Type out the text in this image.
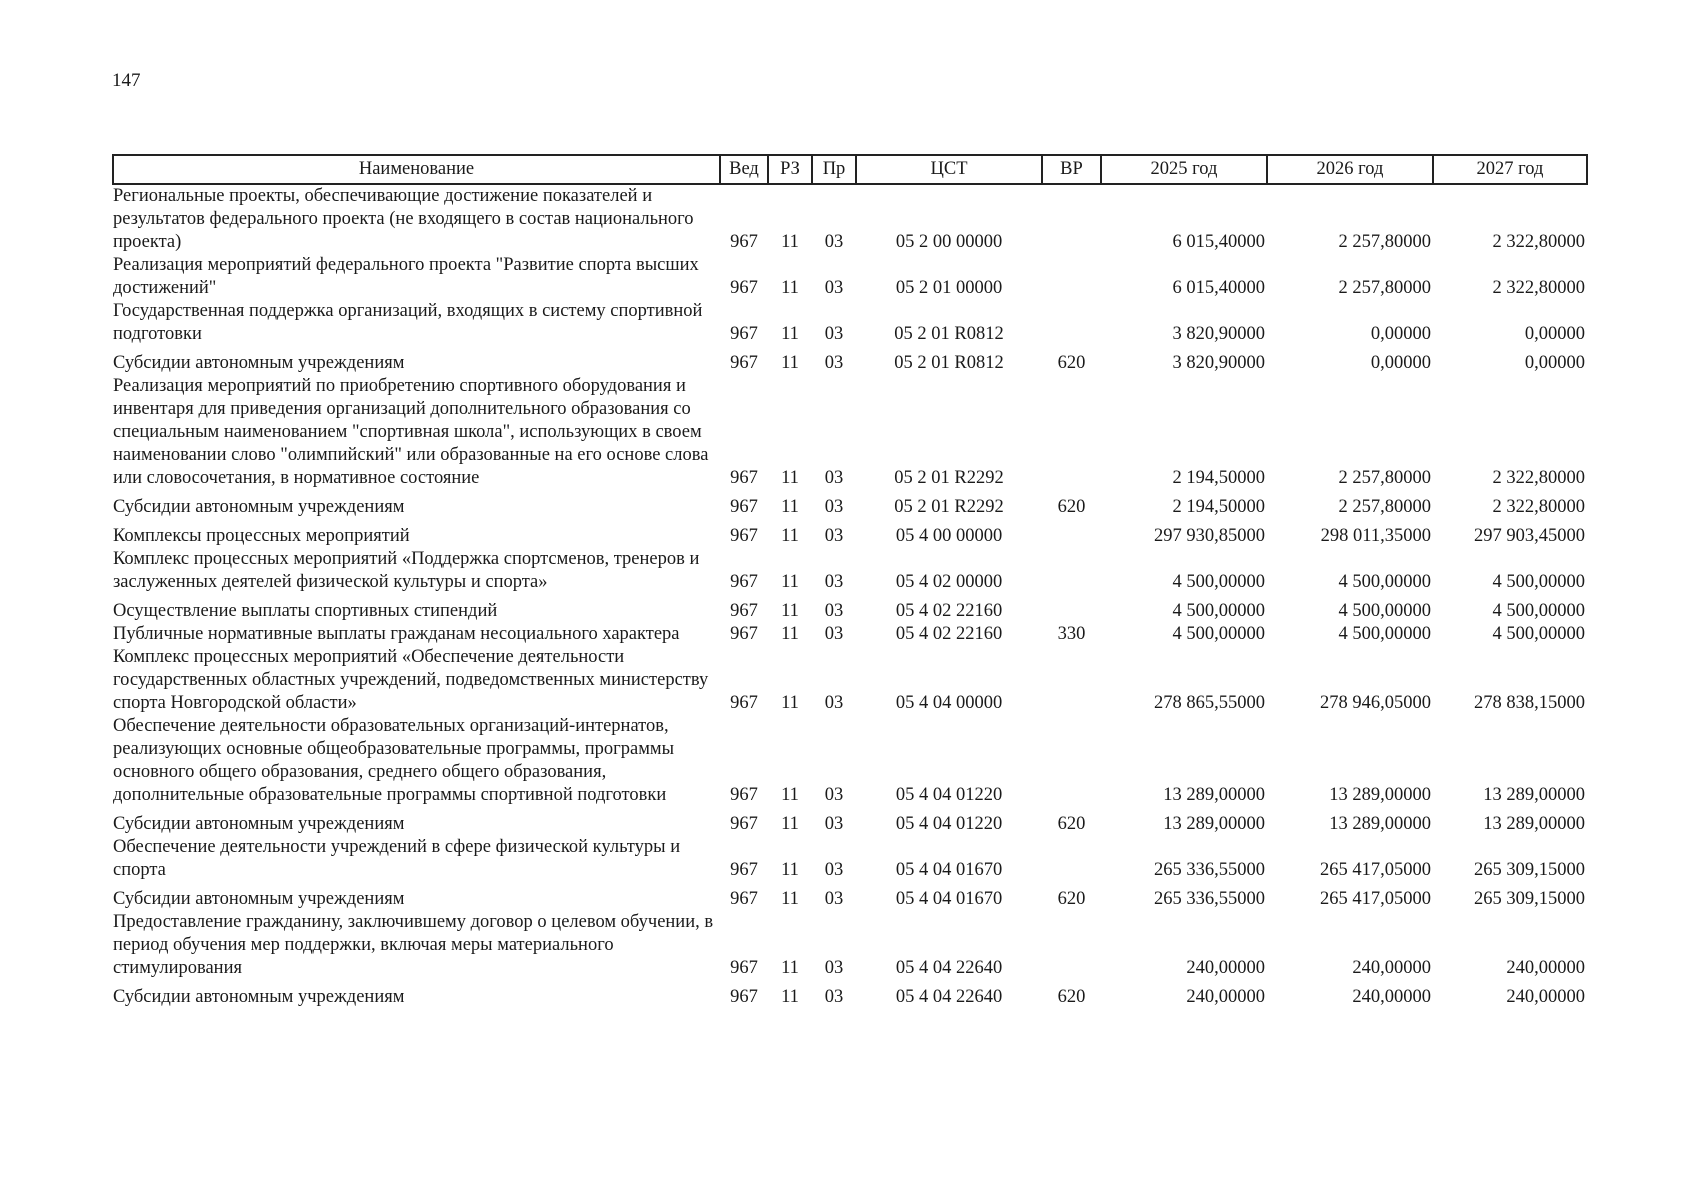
147
Наименование	Вед	РЗ	Пр	ЦСТ	ВР	2025 год	2026 год	2027 год
Региональные проекты, обеспечивающие достижение показателей и результатов федерального проекта (не входящего в состав национального проекта)	967	11	03	05 2 00 00000		6 015,40000	2 257,80000	2 322,80000
Реализация мероприятий федерального проекта "Развитие спорта высших достижений"	967	11	03	05 2 01 00000		6 015,40000	2 257,80000	2 322,80000
Государственная поддержка организаций, входящих в систему спортивной подготовки	967	11	03	05 2 01 R0812		3 820,90000	0,00000	0,00000
Субсидии автономным учреждениям	967	11	03	05 2 01 R0812	620	3 820,90000	0,00000	0,00000
Реализация мероприятий по приобретению спортивного оборудования и инвентаря для приведения организаций дополнительного образования со специальным наименованием "спортивная школа", использующих в своем наименовании слово "олимпийский" или образованные на его основе слова или словосочетания, в нормативное состояние	967	11	03	05 2 01 R2292		2 194,50000	2 257,80000	2 322,80000
Субсидии автономным учреждениям	967	11	03	05 2 01 R2292	620	2 194,50000	2 257,80000	2 322,80000
Комплексы процессных мероприятий	967	11	03	05 4 00 00000		297 930,85000	298 011,35000	297 903,45000
Комплекс процессных мероприятий «Поддержка спортсменов, тренеров и заслуженных деятелей физической культуры и спорта»	967	11	03	05 4 02 00000		4 500,00000	4 500,00000	4 500,00000
Осуществление выплаты спортивных стипендий	967	11	03	05 4 02 22160		4 500,00000	4 500,00000	4 500,00000
Публичные нормативные выплаты гражданам несоциального характера	967	11	03	05 4 02 22160	330	4 500,00000	4 500,00000	4 500,00000
Комплекс процессных мероприятий «Обеспечение деятельности государственных областных учреждений, подведомственных министерству спорта Новгородской области»	967	11	03	05 4 04 00000		278 865,55000	278 946,05000	278 838,15000
Обеспечение деятельности образовательных организаций-интернатов, реализующих основные общеобразовательные программы, программы основного общего образования, среднего общего образования, дополнительные образовательные программы спортивной подготовки	967	11	03	05 4 04 01220		13 289,00000	13 289,00000	13 289,00000
Субсидии автономным учреждениям	967	11	03	05 4 04 01220	620	13 289,00000	13 289,00000	13 289,00000
Обеспечение деятельности учреждений в сфере физической культуры и спорта	967	11	03	05 4 04 01670		265 336,55000	265 417,05000	265 309,15000
Субсидии автономным учреждениям	967	11	03	05 4 04 01670	620	265 336,55000	265 417,05000	265 309,15000
Предоставление гражданину, заключившему договор о целевом обучении, в период обучения мер поддержки, включая меры материального стимулирования	967	11	03	05 4 04 22640		240,00000	240,00000	240,00000
Субсидии автономным учреждениям	967	11	03	05 4 04 22640	620	240,00000	240,00000	240,00000
